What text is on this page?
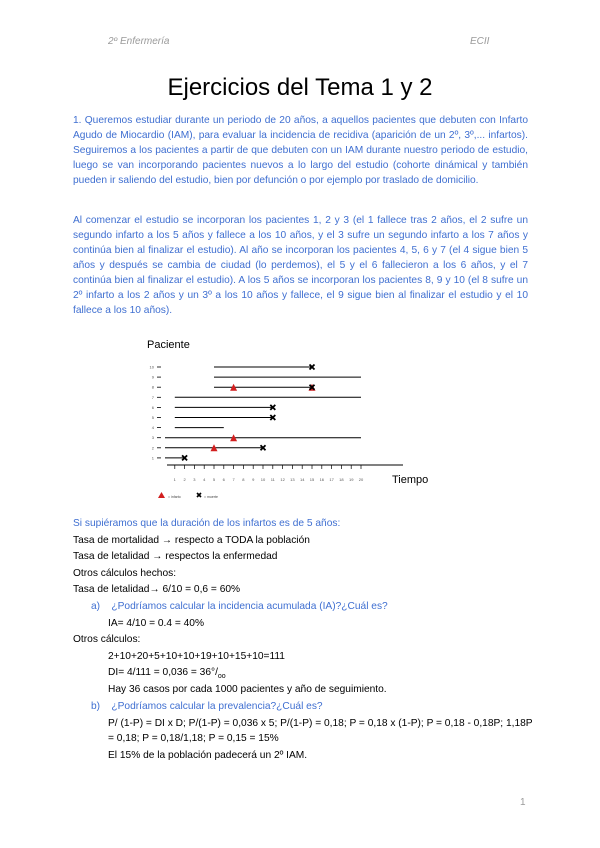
2º Enfermería	ECII
Ejercicios del Tema 1 y 2

1. Queremos estudiar durante un periodo de 20 años, a aquellos pacientes que debuten con Infarto Agudo de Miocardio (IAM), para evaluar la incidencia de recidiva (aparición de un 2º, 3º,... infartos). Seguiremos a los pacientes a partir de que debuten con un IAM durante nuestro periodo de estudio, luego se van incorporando pacientes nuevos a lo largo del estudio (cohorte dinámical y también pueden ir saliendo del estudio, bien por defunción o por ejemplo por traslado de domicilio.

Al comenzar el estudio se incorporan los pacientes 1, 2 y 3 (el 1 fallece tras 2 años, el 2 sufre un segundo infarto a los 5 años y fallece a los 10 años, y el 3 sufre un segundo infarto a los 7 años y continúa bien al finalizar el estudio). Al año se incorporan los pacientes 4, 5, 6 y 7 (el 4 sigue bien 5 años y después se cambia de ciudad (lo perdemos), el 5 y el 6 fallecieron a los 6 años, y el 7 continúa bien al finalizar el estudio). A los 5 años se incorporan los pacientes 8, 9 y 10 (el 8 sufre un 2º infarto a los 2 años y un 3º a los 10 años y fallece, el 9 sigue bien al finalizar el estudio y el 10 fallece a los 10 años).

Paciente
1
2
3
4
5
6
7
8
9
10
1 2 3 4 5 6 7 8 9 10 11 12 13 14 15 16 17 18 19 20	Tiempo
= infarto	= muerte
Si supiéramos que la duración de los infartos es de 5 años:
Tasa de mortalidad → respecto a TODA la población
Tasa de letalidad → respectos la enfermedad
Otros cálculos hechos:
Tasa de letalidad→ 6/10 = 0,6 = 60%
a) ¿Podríamos calcular la incidencia acumulada (IA)?¿Cuál es?
IA= 4/10 = 0.4 = 40%
Otros cálculos:
2+10+20+5+10+10+19+10+15+10=111
$DI= 4/111 = 0,036 = 36^\circ/_{oo}$
Hay 36 casos por cada 1000 pacientes y año de seguimiento.
b) ¿Podríamos calcular la prevalencia?¿Cuál es?
P/ (1-P) = DI x D; P/(1-P) = 0,036 x 5; P/(1-P) = 0,18; P = 0,18 x (1-P); P = 0,18 - 0,18P; 1,18P = 0,18; P = 0,18/1,18; P = 0,15 = 15%
El 15% de la población padecerá un 2º IAM.
1
